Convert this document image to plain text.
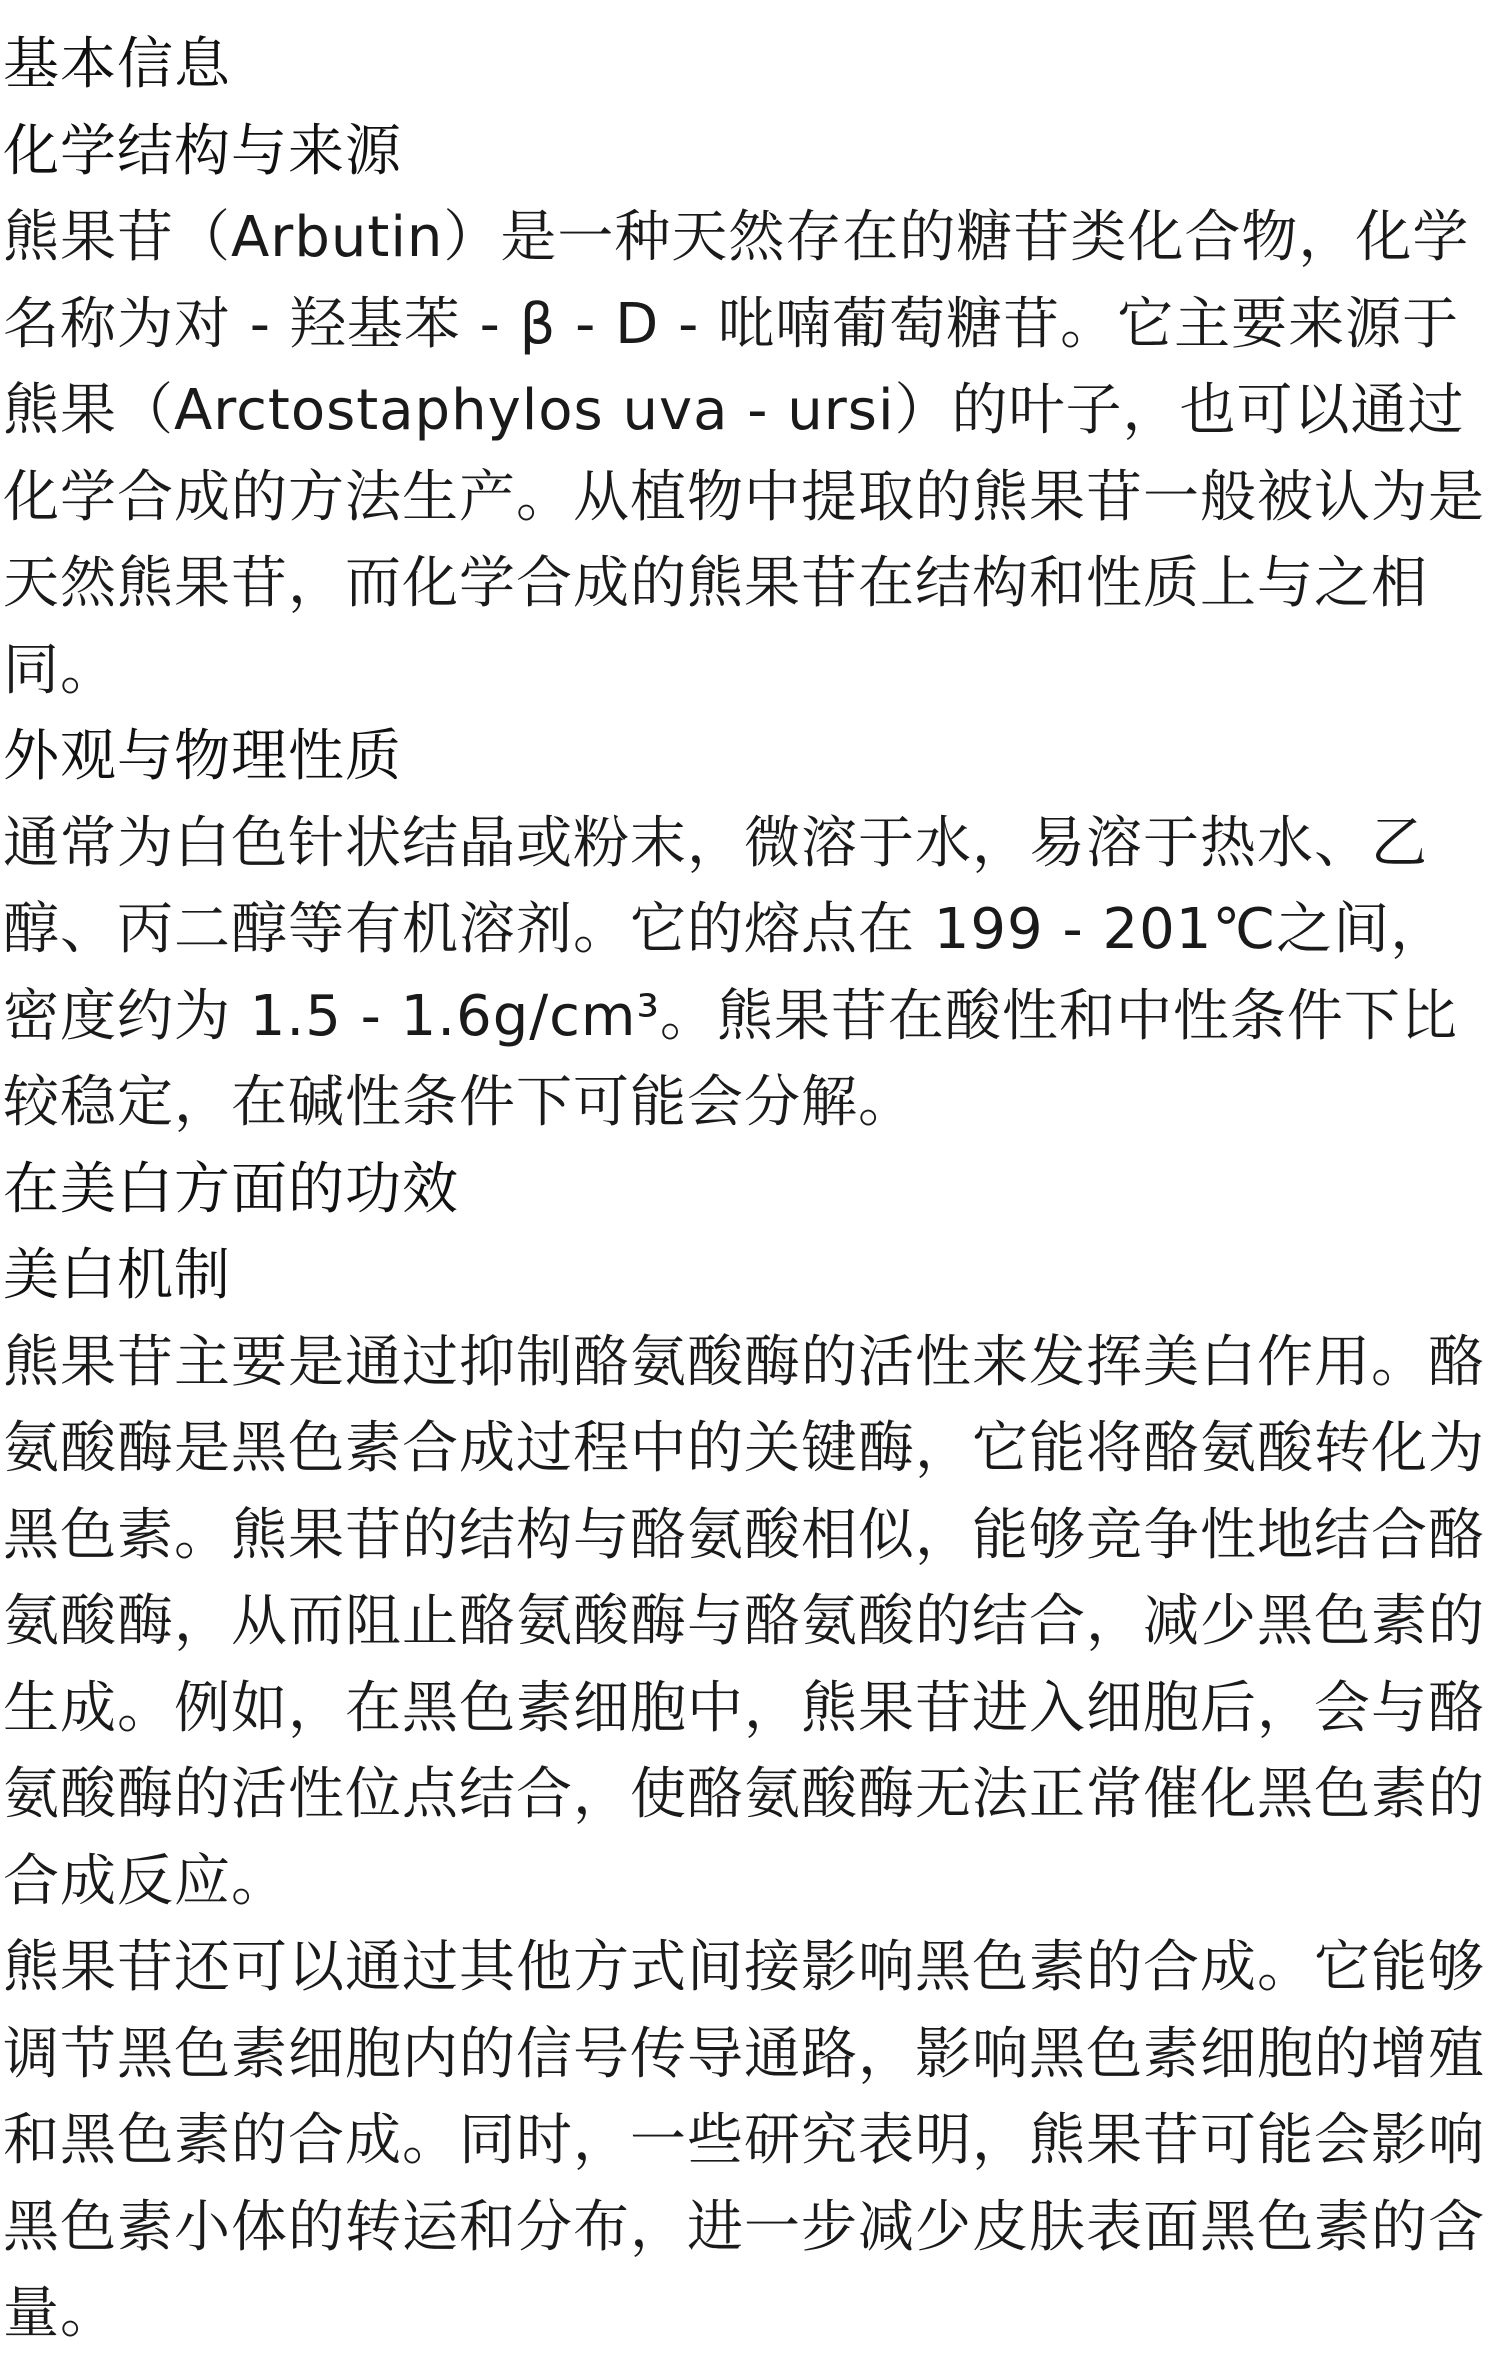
基本信息

化学结构与来源

熊果苷（Arbutin）是一种天然存在的糖苷类化合物，化学名称为对 - 羟基苯 - β - D - 吡喃葡萄糖苷。它主要来源于熊果（Arctostaphylos uva - ursi）的叶子，也可以通过化学合成的方法生产。从植物中提取的熊果苷一般被认为是天然熊果苷，而化学合成的熊果苷在结构和性质上与之相同。

外观与物理性质

通常为白色针状结晶或粉末，微溶于水，易溶于热水、乙醇、丙二醇等有机溶剂。它的熔点在 199 - 201℃之间，密度约为 1.5 - 1.6g/cm³。熊果苷在酸性和中性条件下比较稳定，在碱性条件下可能会分解。

在美白方面的功效

美白机制

熊果苷主要是通过抑制酪氨酸酶的活性来发挥美白作用。酪氨酸酶是黑色素合成过程中的关键酶，它能将酪氨酸转化为黑色素。熊果苷的结构与酪氨酸相似，能够竞争性地结合酪氨酸酶，从而阻止酪氨酸酶与酪氨酸的结合，减少黑色素的生成。例如，在黑色素细胞中，熊果苷进入细胞后，会与酪氨酸酶的活性位点结合，使酪氨酸酶无法正常催化黑色素的合成反应。

熊果苷还可以通过其他方式间接影响黑色素的合成。它能够调节黑色素细胞内的信号传导通路，影响黑色素细胞的增殖和黑色素的合成。同时，一些研究表明，熊果苷可能会影响黑色素小体的转运和分布，进一步减少皮肤表面黑色素的含量。
